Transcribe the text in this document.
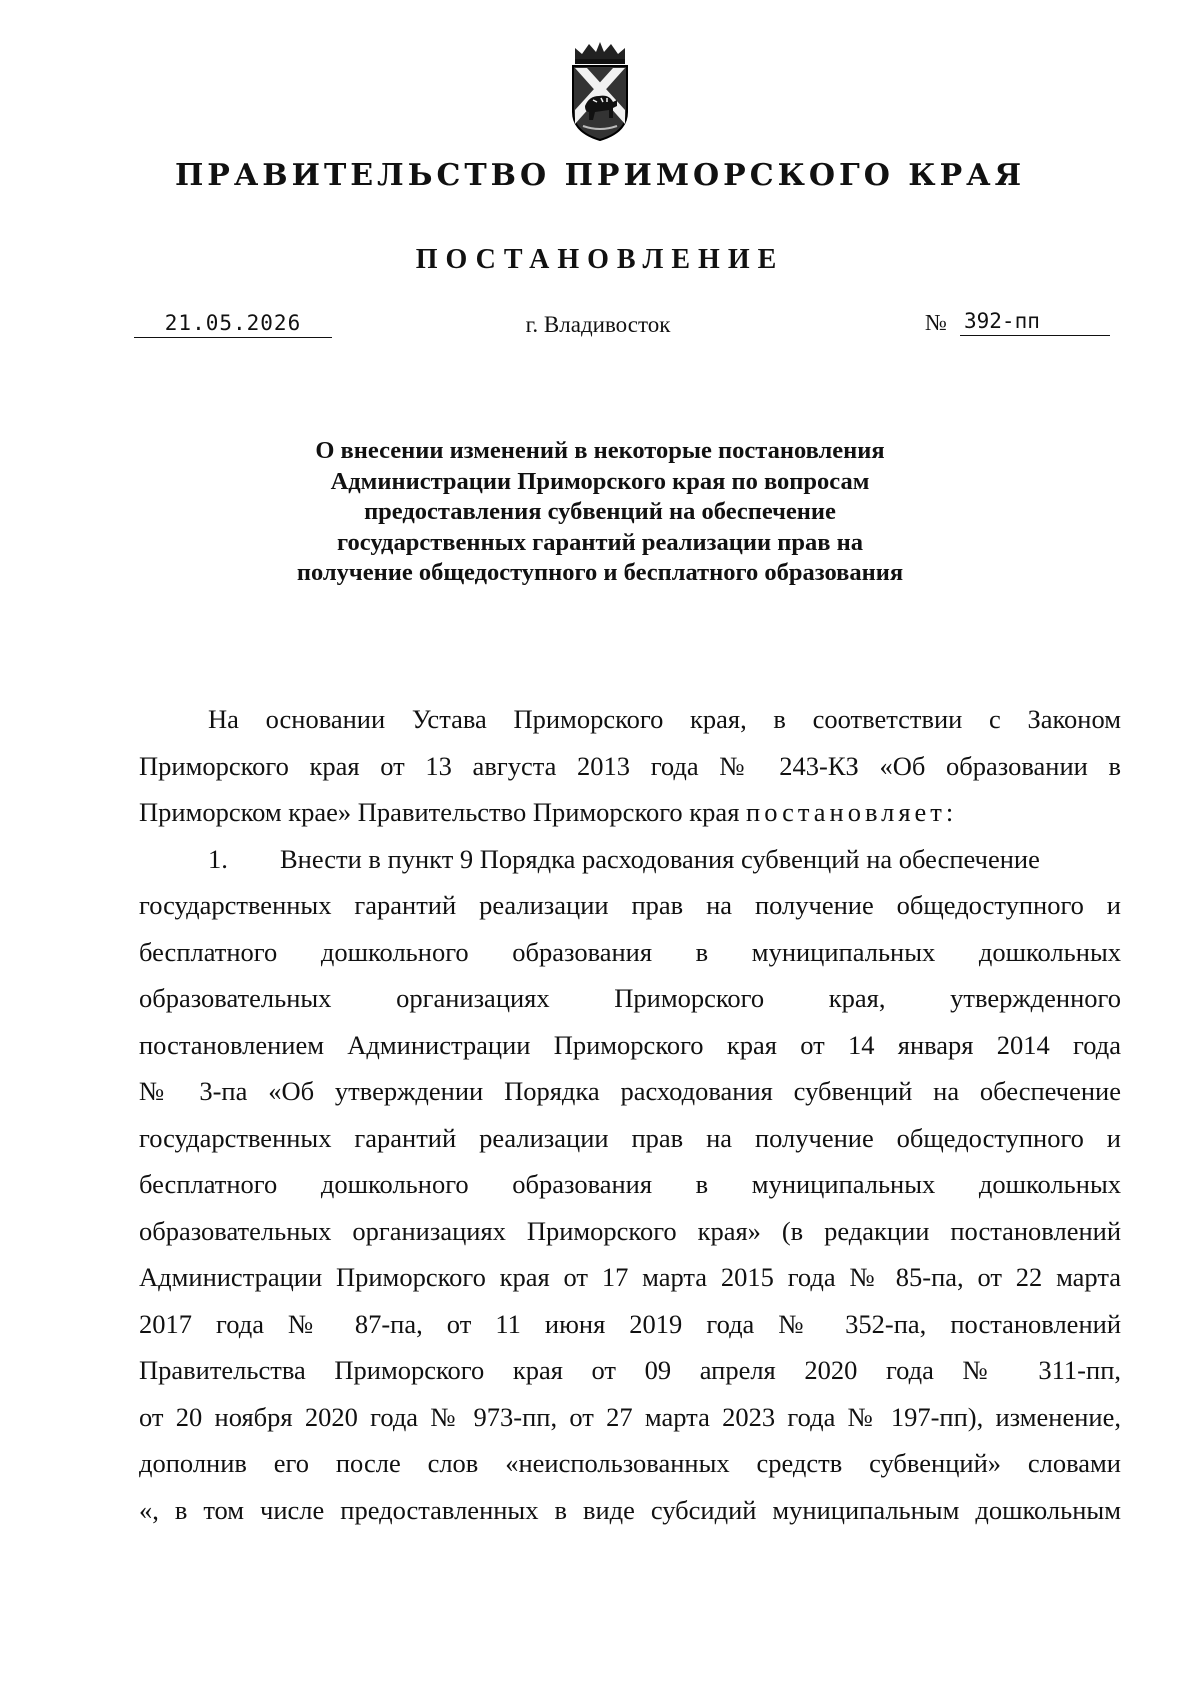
ПРАВИТЕЛЬСТВО ПРИМОРСКОГО КРАЯ
ПОСТАНОВЛЕНИЕ
21.05.2026	г. Владивосток	№ 392-пп
О внесении изменений в некоторые постановления
Администрации Приморского края по вопросам
предоставления субвенций на обеспечение
государственных гарантий реализации прав на
получение общедоступного и бесплатного образования
На основании Устава Приморского края, в соответствии с Законом
Приморского края от 13 августа 2013 года № 243-КЗ «Об образовании в
Приморском крае» Правительство Приморского края постановляет:
1. Внести в пункт 9 Порядка расходования субвенций на обеспечение
государственных гарантий реализации прав на получение общедоступного и
бесплатного дошкольного образования в муниципальных дошкольных
образовательных организациях Приморского края, утвержденного
постановлением Администрации Приморского края от 14 января 2014 года
№ 3-па «Об утверждении Порядка расходования субвенций на обеспечение
государственных гарантий реализации прав на получение общедоступного и
бесплатного дошкольного образования в муниципальных дошкольных
образовательных организациях Приморского края» (в редакции постановлений
Администрации Приморского края от 17 марта 2015 года № 85-па, от 22 марта
2017 года № 87-па, от 11 июня 2019 года № 352-па, постановлений
Правительства Приморского края от 09 апреля 2020 года № 311-пп,
от 20 ноября 2020 года № 973-пп, от 27 марта 2023 года № 197-пп), изменение,
дополнив его после слов «неиспользованных средств субвенций» словами
«, в том числе предоставленных в виде субсидий муниципальным дошкольным
